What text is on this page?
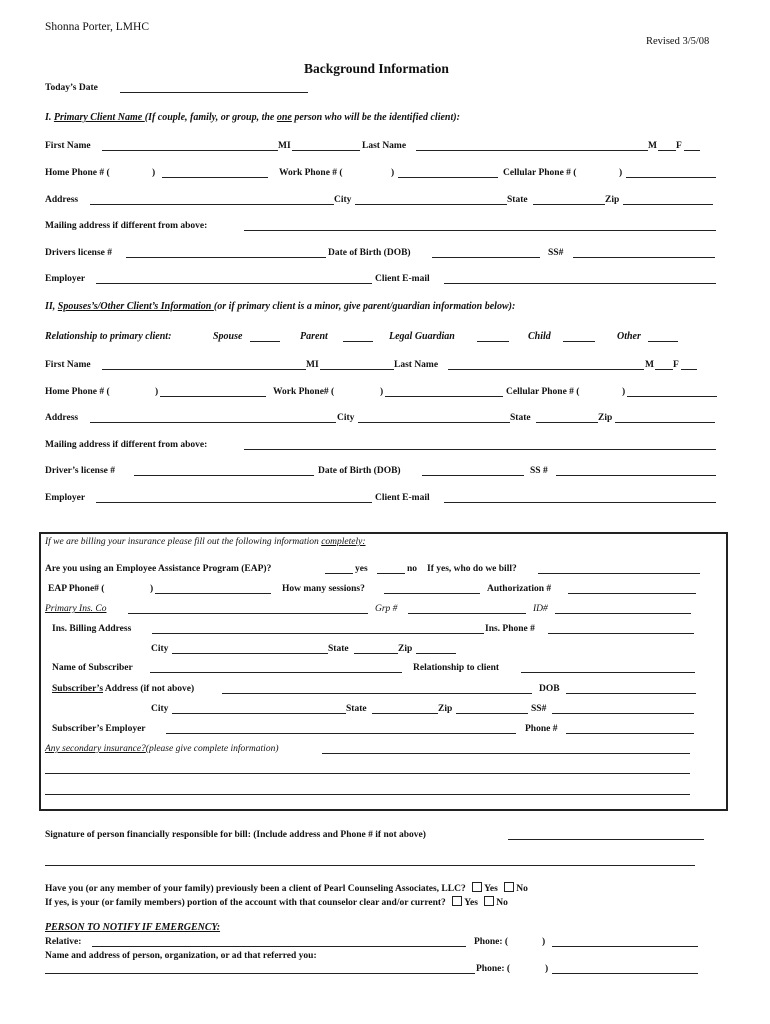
Shonna Porter, LMHC
Revised 3/5/08
Background Information
Today’s Date
I. Primary Client Name (If couple, family, or group, the one person who will be the identified client):
First Name	MI	Last Name	M F
Home Phone # (	)	Work Phone # (	)	Cellular Phone # (	)
Address	City	State	Zip
Mailing address if different from above:
Drivers license #	Date of Birth (DOB)	SS#
Employer	Client E-mail
II, Spouses’s/Other Client’s Information (or if primary client is a minor, give parent/guardian information below):
Relationship to primary client:	Spouse	Parent	Legal Guardian	Child	Other
First Name	MI	Last Name	M F
Home Phone # (	)	Work Phone# (	)	Cellular Phone # (	)
Address	City	State	Zip
Mailing address if different from above:
Driver’s license #	Date of Birth (DOB)	SS #
Employer	Client E-mail
If we are billing your insurance please fill out the following information completely:
Are you using an Employee Assistance Program (EAP)?	yes	no If yes, who do we bill?
EAP Phone# (	)	How many sessions?	Authorization #
Primary Ins. Co	Grp #	ID#
Ins. Billing Address	Ins. Phone #
City	State	Zip
Name of Subscriber	Relationship to client
Subscriber’s Address (if not above)	DOB
City	State	Zip	SS#
Subscriber’s Employer	Phone #
Any secondary insurance?(please give complete information)
Signature of person financially responsible for bill: (Include address and Phone # if not above)
Have you (or any member of your family) previously been a client of Pearl Counseling Associates, LLC? Yes No
If yes, is your (or family members) portion of the account with that counselor clear and/or current? Yes No
PERSON TO NOTIFY IF EMERGENCY:
Relative:	Phone: (	)
Name and address of person, organization, or ad that referred you:
Phone: (	)
